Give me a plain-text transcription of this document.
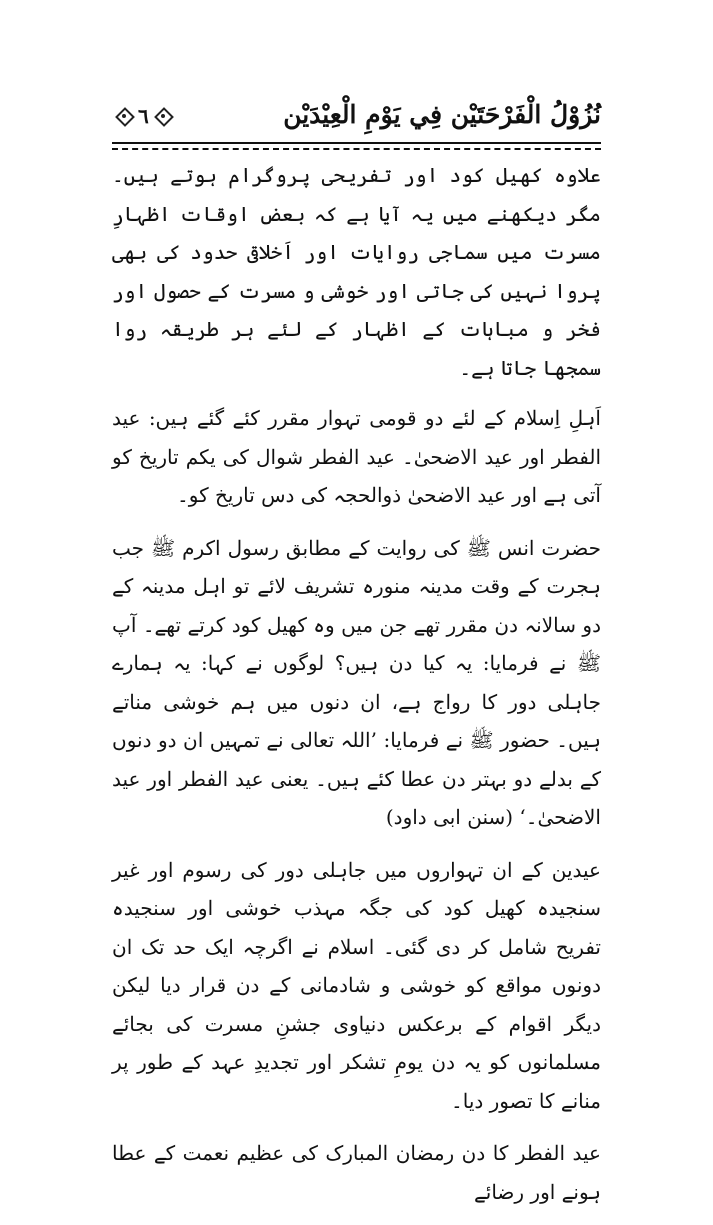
نُزُوْلُ الْفَرْحَتَيْن فِي يَوْمِ الْعِيْدَيْن
٦

علاوہ کھیل کود اور تفریحی پروگرام ہوتے ہیں۔ مگر دیکھنے میں یہ آیا ہے کہ بعض اوقات اظہارِ مسرت میں سماجی روایات اور اَخلاقی حدود کی بھی پروا نہیں کی جاتی اور خوشی و مسرت کے حصول اور فخر و مباہات کے اظہار کے لئے ہر طریقہ روا سمجھا جاتا ہے۔

اَہلِ اِسلام کے لئے دو قومی تہوار مقرر کئے گئے ہیں: عید الفطر اور عید الاضحیٰ۔ عید الفطر شوال کی یکم تاریخ کو آتی ہے اور عید الاضحیٰ ذوالحجہ کی دس تاریخ کو۔

حضرت انس ﷺ کی روایت کے مطابق رسول اکرم ﷺ جب ہجرت کے وقت مدینہ منورہ تشریف لائے تو اہل مدینہ کے دو سالانہ دن مقرر تھے جن میں وہ کھیل کود کرتے تھے۔ آپ ﷺ نے فرمایا: یہ کیا دن ہیں؟ لوگوں نے کہا: یہ ہمارے جاہلی دور کا رواج ہے، ان دنوں میں ہم خوشی مناتے ہیں۔ حضور ﷺ نے فرمایا: ’اللہ تعالی نے تمہیں ان دو دنوں کے بدلے دو بہتر دن عطا کئے ہیں۔ یعنی عید الفطر اور عید الاضحیٰ۔‘ (سنن ابی داود)

عیدین کے ان تہواروں میں جاہلی دور کی رسوم اور غیر سنجیدہ کھیل کود کی جگہ مہذب خوشی اور سنجیدہ تفریح شامل کر دی گئی۔ اسلام نے اگرچہ ایک حد تک ان دونوں مواقع کو خوشی و شادمانی کے دن قرار دیا لیکن دیگر اقوام کے برعکس دنیاوی جشنِ مسرت کی بجائے مسلمانوں کو یہ دن یومِ تشکر اور تجدیدِ عہد کے طور پر منانے کا تصور دیا۔

عید الفطر کا دن رمضان المبارک کی عظیم نعمت کے عطا ہونے اور رضائے
